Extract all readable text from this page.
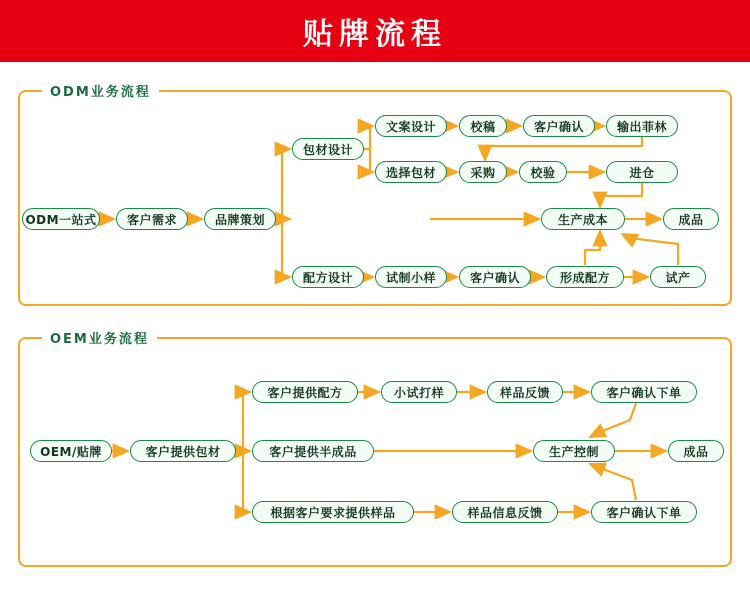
贴牌流程
ODM业务流程
OEM业务流程
ODM一站式	客户需求	品牌策划
包材设计
文案设计	校稿	客户确认	输出菲林
选择包材	采购	校验	进仓
生产成本	成品
配方设计	试制小样	客户确认	形成配方	试产
OEM/贴牌	客户提供包材
客户提供配方	小试打样	样品反馈	客户确认下单
客户提供半成品	生产控制	成品
根据客户要求提供样品	样品信息反馈	客户确认下单
